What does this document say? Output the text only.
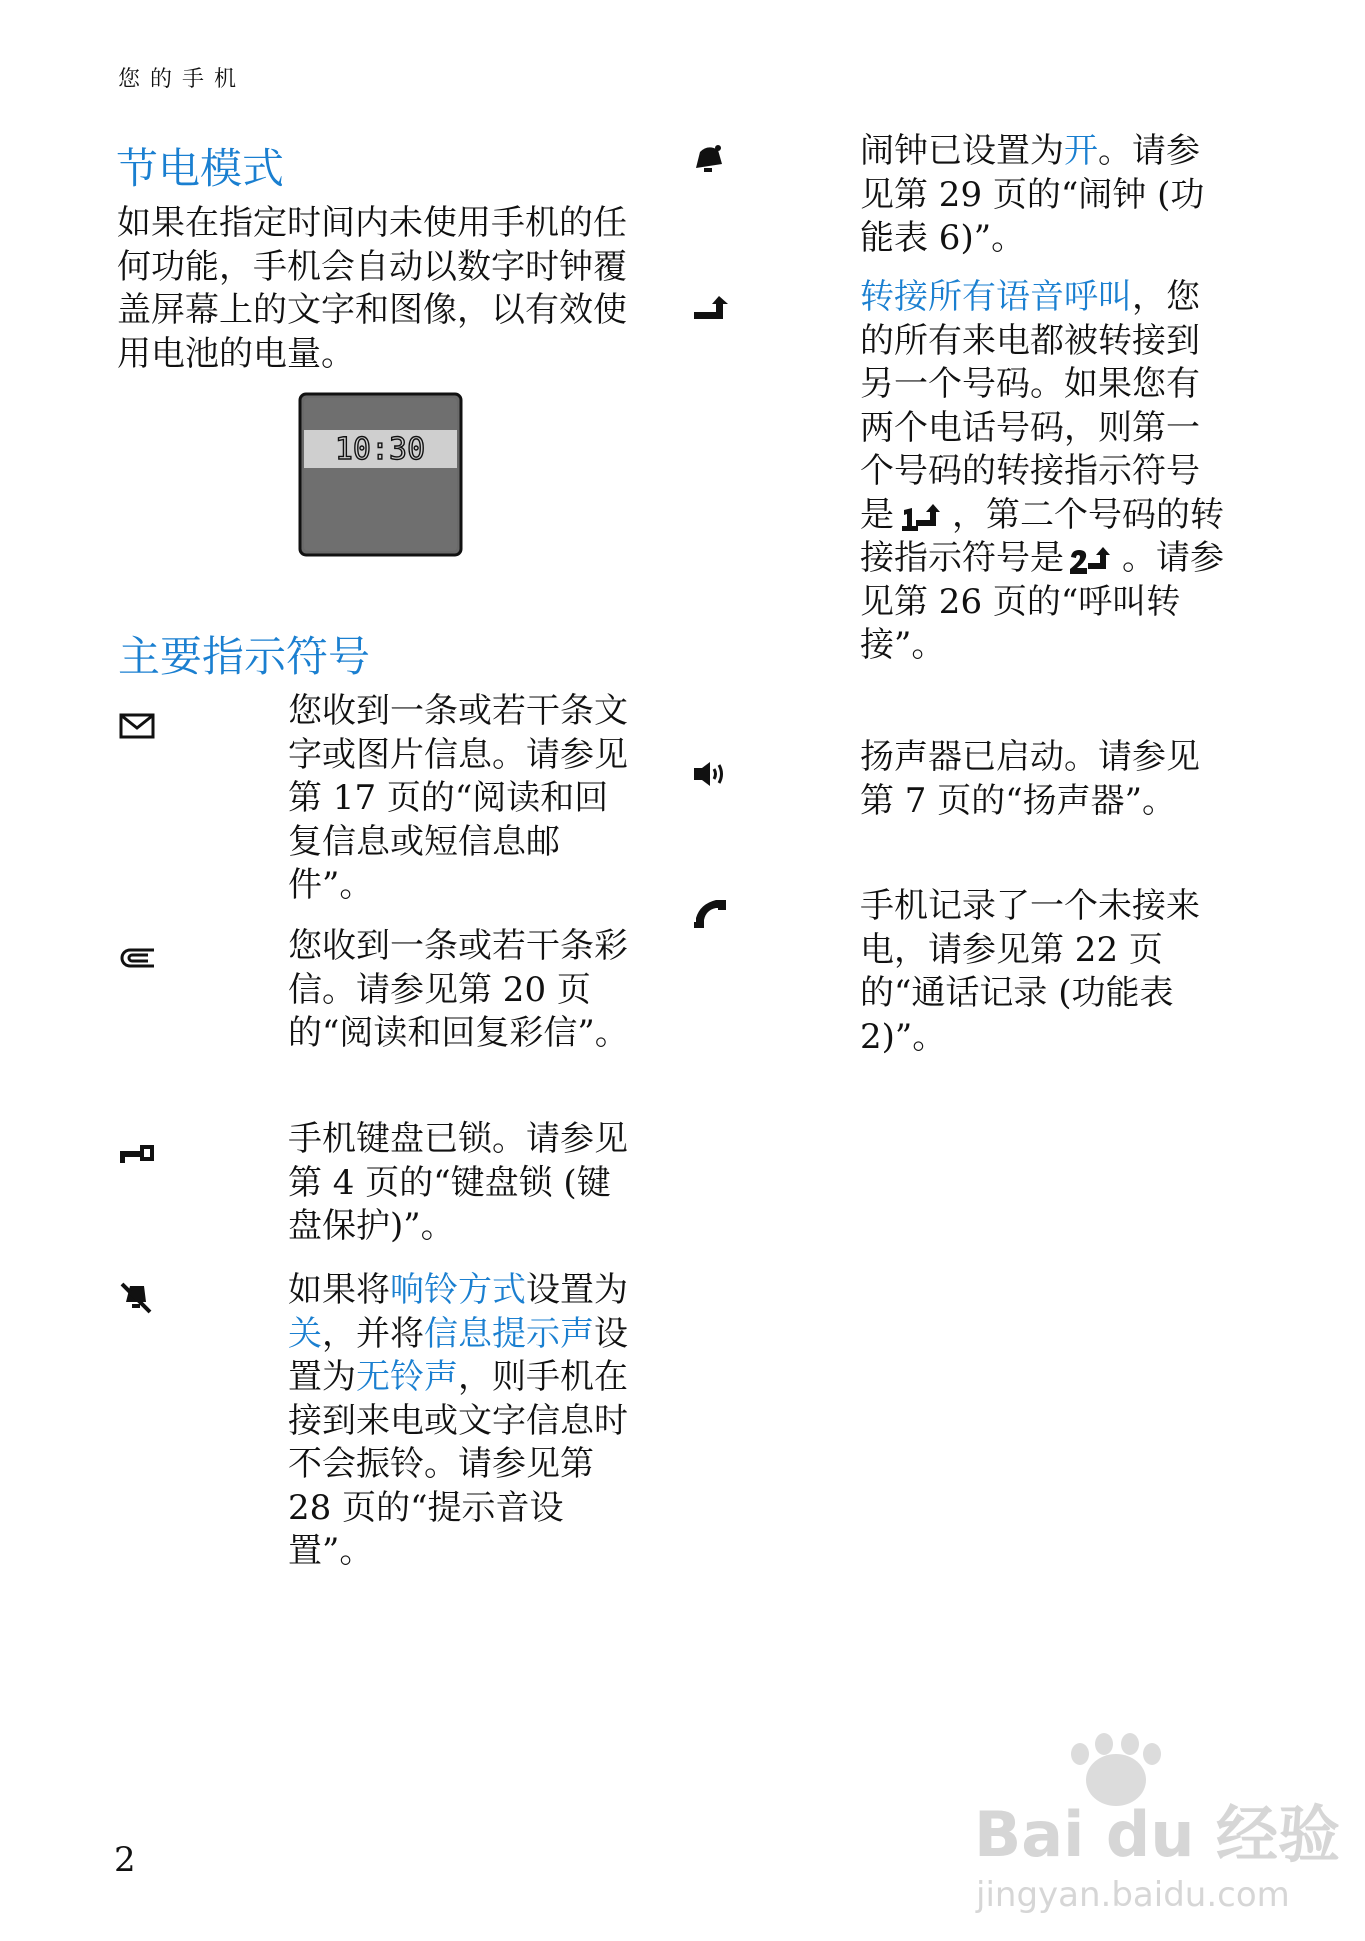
您的手机
节电模式
如果在指定时间内未使用手机的任何功能，手机会自动以数字时钟覆盖屏幕上的文字和图像，以有效使用电池的电量。
10:30
主要指示符号
您收到一条或若干条文字或图片信息。请参见第 17 页的“阅读和回复信息或短信息邮件”。
您收到一条或若干条彩信。请参见第 20 页的“阅读和回复彩信”。
手机键盘已锁。请参见第 4 页的“键盘锁 (键盘保护)”。
如果将响铃方式设置为关，并将信息提示声设置为无铃声，则手机在接到来电或文字信息时不会振铃。请参见第 28 页的“提示音设置”。
闹钟已设置为开。请参见第 29 页的“闹钟 (功能表 6)”。
转接所有语音呼叫，您的所有来电都被转接到另一个号码。如果您有两个电话号码，则第一个号码的转接指示符号是 ，第二个号码的转接指示符号是 。请参见第 26 页的“呼叫转接”。
扬声器已启动。请参见第 7 页的“扬声器”。
手机记录了一个未接来电，请参见第 22 页的“通话记录 (功能表 2)”。
2	Bai du 经验
jingyan.baidu.com
